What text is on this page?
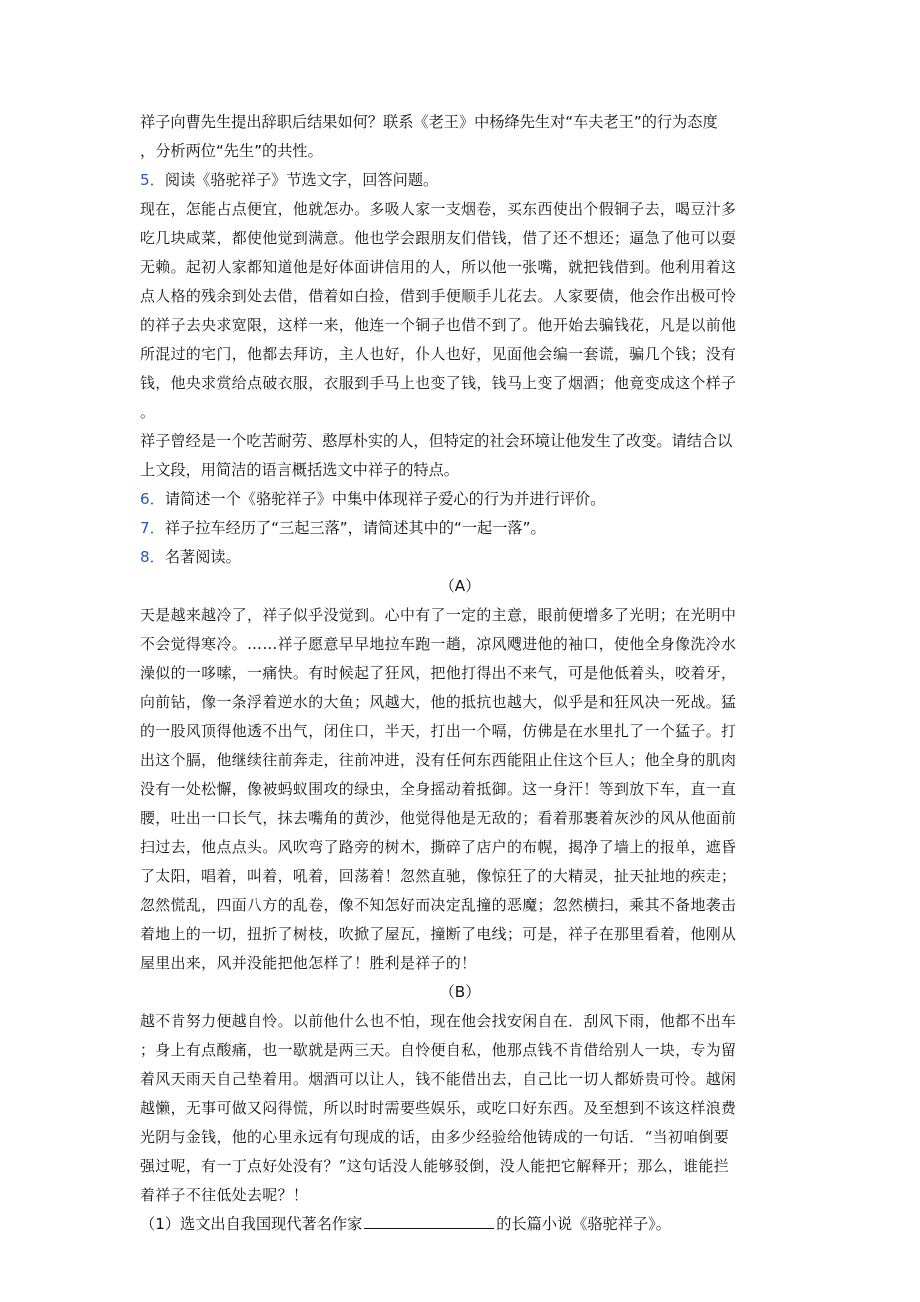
祥子向曹先生提出辞职后结果如何？联系《老王》中杨绛先生对“车夫老王”的行为态度
，分析两位“先生”的共性。
5．阅读《骆驼祥子》节选文字，回答问题。
现在，怎能占点便宜，他就怎办。多吸人家一支烟卷，买东西使出个假铜子去，喝豆汁多
吃几块咸菜，都使他觉到满意。他也学会跟朋友们借钱，借了还不想还；逼急了他可以耍
无赖。起初人家都知道他是好体面讲信用的人，所以他一张嘴，就把钱借到。他利用着这
点人格的残余到处去借，借着如白捡，借到手便顺手儿花去。人家要债，他会作出极可怜
的祥子去央求宽限，这样一来，他连一个铜子也借不到了。他开始去骗钱花，凡是以前他
所混过的宅门，他都去拜访，主人也好，仆人也好，见面他会编一套谎，骗几个钱；没有
钱，他央求赏给点破衣服，衣服到手马上也变了钱，钱马上变了烟酒；他竟变成这个样子
。
祥子曾经是一个吃苦耐劳、憨厚朴实的人，但特定的社会环境让他发生了改变。请结合以
上文段，用简洁的语言概括选文中祥子的特点。
6．请简述一个《骆驼祥子》中集中体现祥子爱心的行为并进行评价。
7．祥子拉车经历了“三起三落”，请简述其中的“一起一落”。
8．名著阅读。
（A）
天是越来越冷了，祥子似乎没觉到。心中有了一定的主意，眼前便增多了光明；在光明中
不会觉得寒冷。……祥子愿意早早地拉车跑一趟，凉风飕进他的袖口，使他全身像洗冷水
澡似的一哆嗦，一痛快。有时候起了狂风，把他打得出不来气，可是他低着头，咬着牙，
向前钻，像一条浮着逆水的大鱼；风越大，他的抵抗也越大，似乎是和狂风决一死战。猛
的一股风顶得他透不出气，闭住口，半天，打出一个嗝，仿佛是在水里扎了一个猛子。打
出这个膈，他继续往前奔走，往前冲进，没有任何东西能阻止住这个巨人；他全身的肌肉
没有一处松懈，像被蚂蚁围攻的绿虫，全身摇动着抵御。这一身汗！等到放下车，直一直
腰，吐出一口长气，抹去嘴角的黄沙，他觉得他是无敌的；看着那裹着灰沙的风从他面前
扫过去，他点点头。风吹弯了路旁的树木，撕碎了店户的布幌，揭净了墙上的报单，遮昏
了太阳，唱着，叫着，吼着，回荡着！忽然直驰，像惊狂了的大精灵，扯天扯地的疾走；
忽然慌乱，四面八方的乱卷，像不知怎好而决定乱撞的恶魔；忽然横扫，乘其不备地袭击
着地上的一切，扭折了树枝，吹掀了屋瓦，撞断了电线；可是，祥子在那里看着，他刚从
屋里出来，风并没能把他怎样了！胜利是祥子的！
（B）
越不肯努力便越自怜。以前他什么也不怕，现在他会找安闲自在．刮风下雨，他都不出车
；身上有点酸痛，也一歇就是两三天。自怜便自私，他那点钱不肯借给别人一块，专为留
着风天雨天自己垫着用。烟酒可以让人，钱不能借出去，自己比一切人都娇贵可怜。越闲
越懒，无事可做又闷得慌，所以时时需要些娱乐，或吃口好东西。及至想到不该这样浪费
光阴与金钱，他的心里永远有句现成的话，由多少经验给他铸成的一句话．“当初咱倒要
强过呢，有一丁点好处没有？”这句话没人能够驳倒，没人能把它解释开；那么，谁能拦
着祥子不往低处去呢？！
（1）选文出自我国现代著名作家	的长篇小说《骆驼祥子》。
